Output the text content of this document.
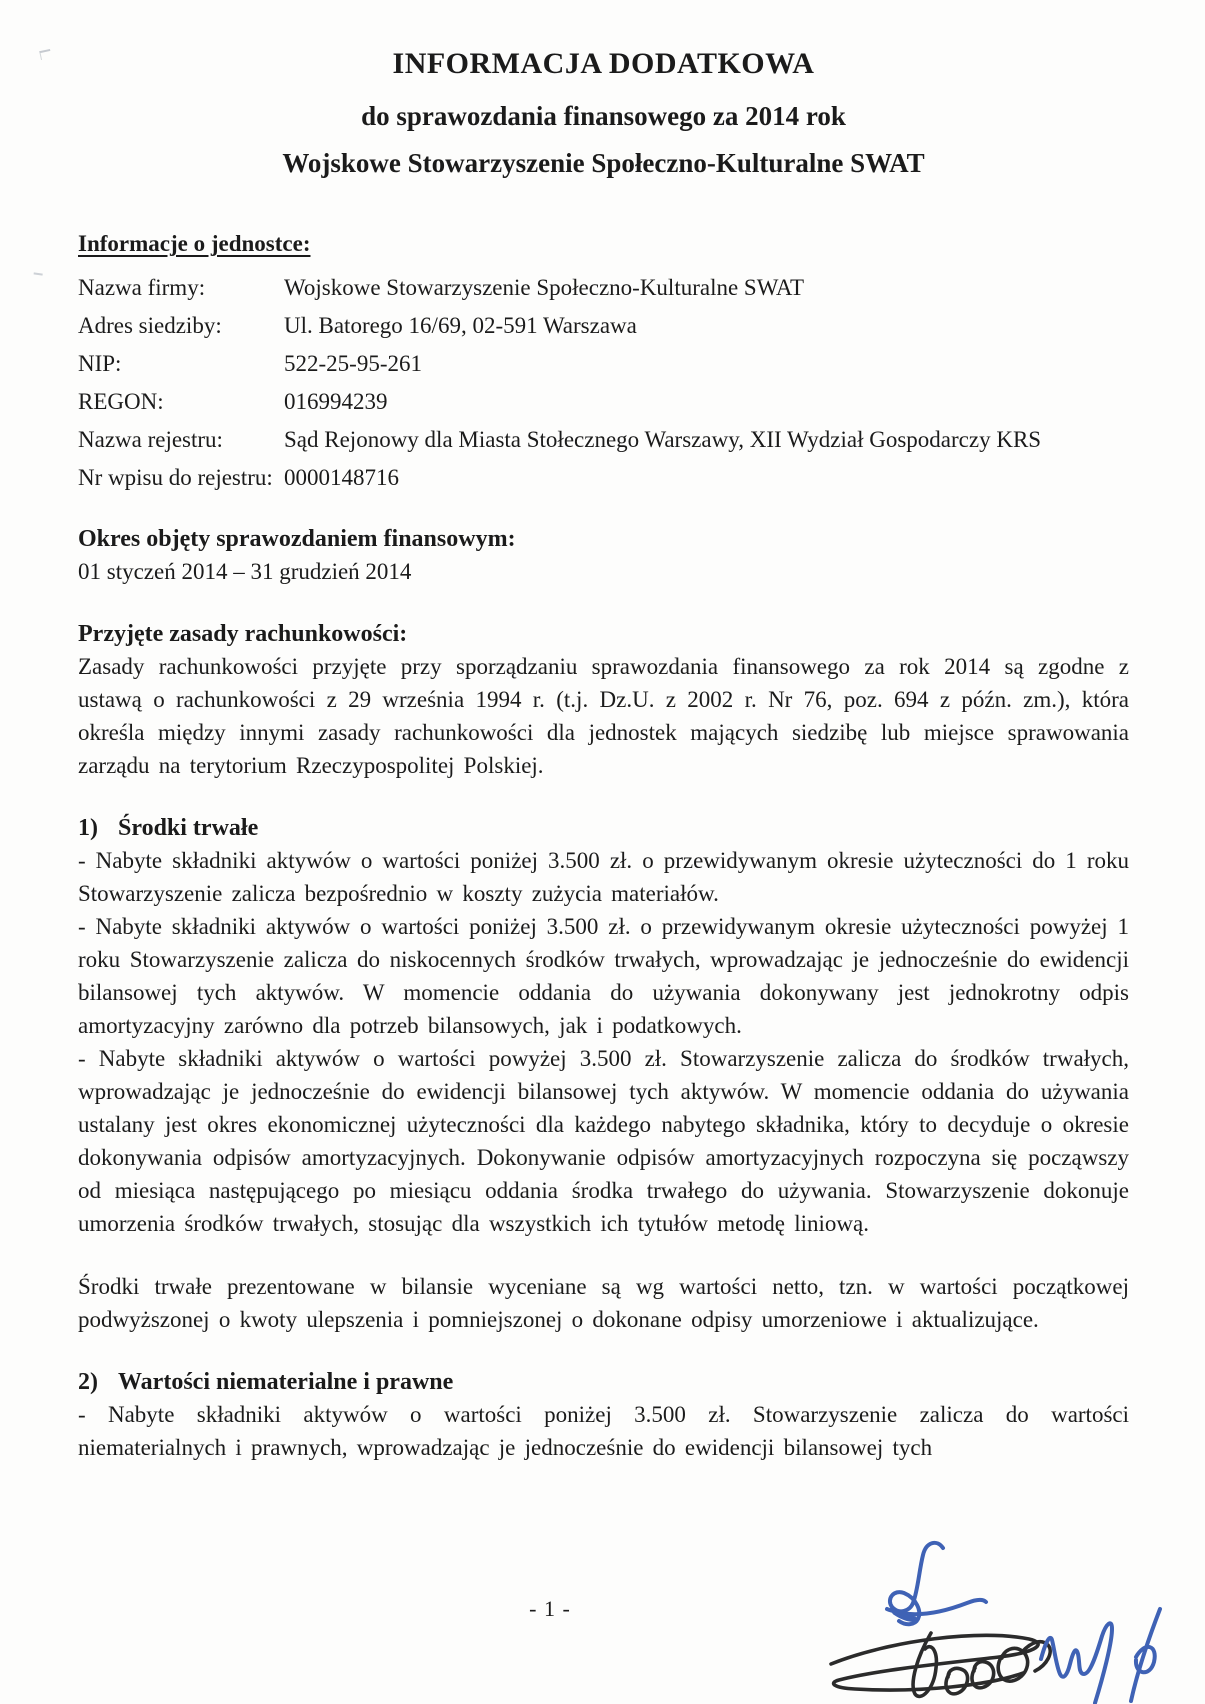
INFORMACJA DODATKOWA
do sprawozdania finansowego za 2014 rok
Wojskowe Stowarzyszenie Społeczno-Kulturalne SWAT
Informacje o jednostce:
Nazwa firmy:	Wojskowe Stowarzyszenie Społeczno-Kulturalne SWAT
Adres siedziby:	Ul. Batorego 16/69, 02-591 Warszawa
NIP:	522-25-95-261
REGON:	016994239
Nazwa rejestru:	Sąd Rejonowy dla Miasta Stołecznego Warszawy, XII Wydział Gospodarczy KRS
Nr wpisu do rejestru: 0000148716
Okres objęty sprawozdaniem finansowym:
01 styczeń 2014 – 31 grudzień 2014
Przyjęte zasady rachunkowości:

Zasady rachunkowości przyjęte przy sporządzaniu sprawozdania finansowego za rok 2014 są zgodne z ustawą o rachunkowości z 29 września 1994 r. (t.j. Dz.U. z 2002 r. Nr 76, poz. 694 z późn. zm.), która określa między innymi zasady rachunkowości dla jednostek mających siedzibę lub miejsce sprawowania zarządu na terytorium Rzeczypospolitej Polskiej.

1) Środki trwałe

- Nabyte składniki aktywów o wartości poniżej 3.500 zł. o przewidywanym okresie użyteczności do 1 roku Stowarzyszenie zalicza bezpośrednio w koszty zużycia materiałów.

- Nabyte składniki aktywów o wartości poniżej 3.500 zł. o przewidywanym okresie użyteczności powyżej 1 roku Stowarzyszenie zalicza do niskocennych środków trwałych, wprowadzając je jednocześnie do ewidencji bilansowej tych aktywów. W momencie oddania do używania dokonywany jest jednokrotny odpis amortyzacyjny zarówno dla potrzeb bilansowych, jak i podatkowych.

- Nabyte składniki aktywów o wartości powyżej 3.500 zł. Stowarzyszenie zalicza do środków trwałych, wprowadzając je jednocześnie do ewidencji bilansowej tych aktywów. W momencie oddania do używania ustalany jest okres ekonomicznej użyteczności dla każdego nabytego składnika, który to decyduje o okresie dokonywania odpisów amortyzacyjnych. Dokonywanie odpisów amortyzacyjnych rozpoczyna się począwszy od miesiąca następującego po miesiącu oddania środka trwałego do używania. Stowarzyszenie dokonuje umorzenia środków trwałych, stosując dla wszystkich ich tytułów metodę liniową.

Środki trwałe prezentowane w bilansie wyceniane są wg wartości netto, tzn. w wartości początkowej podwyższonej o kwoty ulepszenia i pomniejszonej o dokonane odpisy umorzeniowe i aktualizujące.

2) Wartości niematerialne i prawne

- Nabyte składniki aktywów o wartości poniżej 3.500 zł. Stowarzyszenie zalicza do wartości niematerialnych i prawnych, wprowadzając je jednocześnie do ewidencji bilansowej tych

- 1 -
